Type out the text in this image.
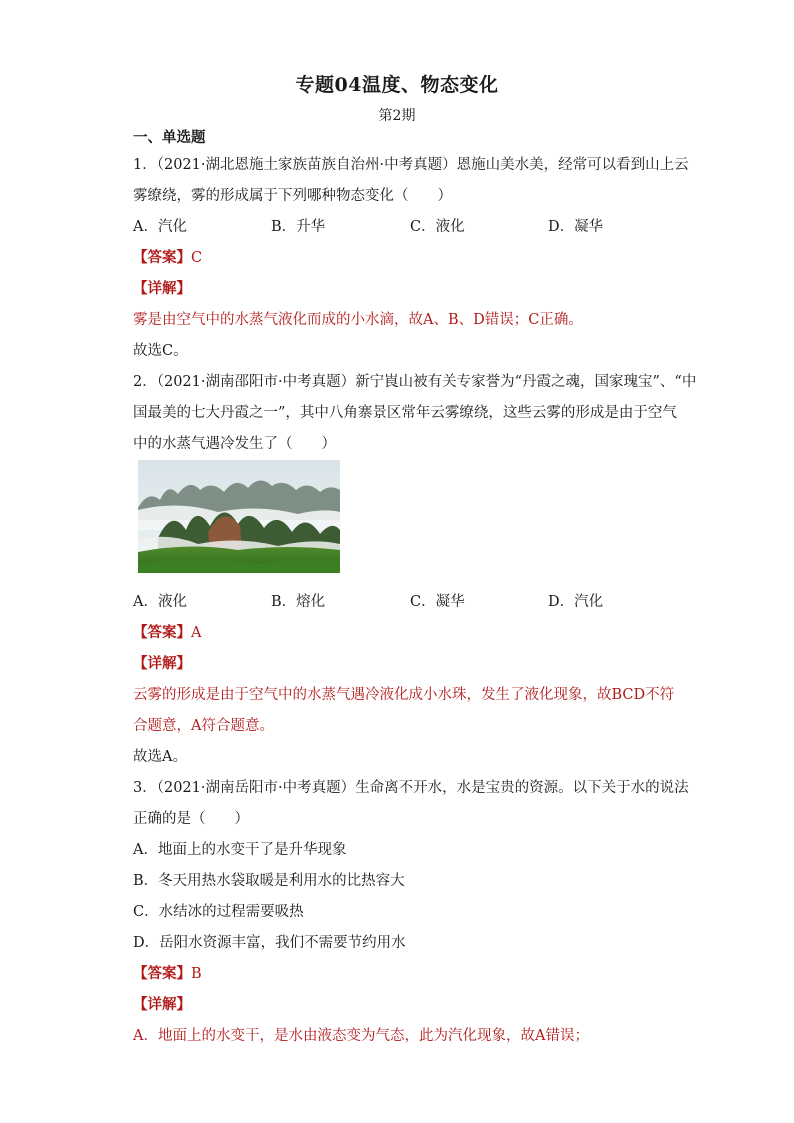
专题04温度、物态变化
第2期
一、单选题
1．（2021·湖北恩施土家族苗族自治州·中考真题）恩施山美水美，经常可以看到山上云
雾缭绕，雾的形成属于下列哪种物态变化（　　）
A．汽化	B．升华	C．液化	D．凝华
【答案】C
【详解】
雾是由空气中的水蒸气液化而成的小水滴，故A、B、D错误；C正确。
故选C。
2．（2021·湖南邵阳市·中考真题）新宁崀山被有关专家誉为“丹霞之魂，国家瑰宝”、“中
国最美的七大丹霞之一”，其中八角寨景区常年云雾缭绕，这些云雾的形成是由于空气
中的水蒸气遇冷发生了（　　）
A．液化	B．熔化	C．凝华	D．汽化
【答案】A
【详解】
云雾的形成是由于空气中的水蒸气遇冷液化成小水珠，发生了液化现象，故BCD不符
合题意，A符合题意。
故选A。
3．（2021·湖南岳阳市·中考真题）生命离不开水，水是宝贵的资源。以下关于水的说法
正确的是（　　）
A．地面上的水变干了是升华现象
B．冬天用热水袋取暖是利用水的比热容大
C．水结冰的过程需要吸热
D．岳阳水资源丰富，我们不需要节约用水
【答案】B
【详解】
A．地面上的水变干，是水由液态变为气态，此为汽化现象，故A错误；
